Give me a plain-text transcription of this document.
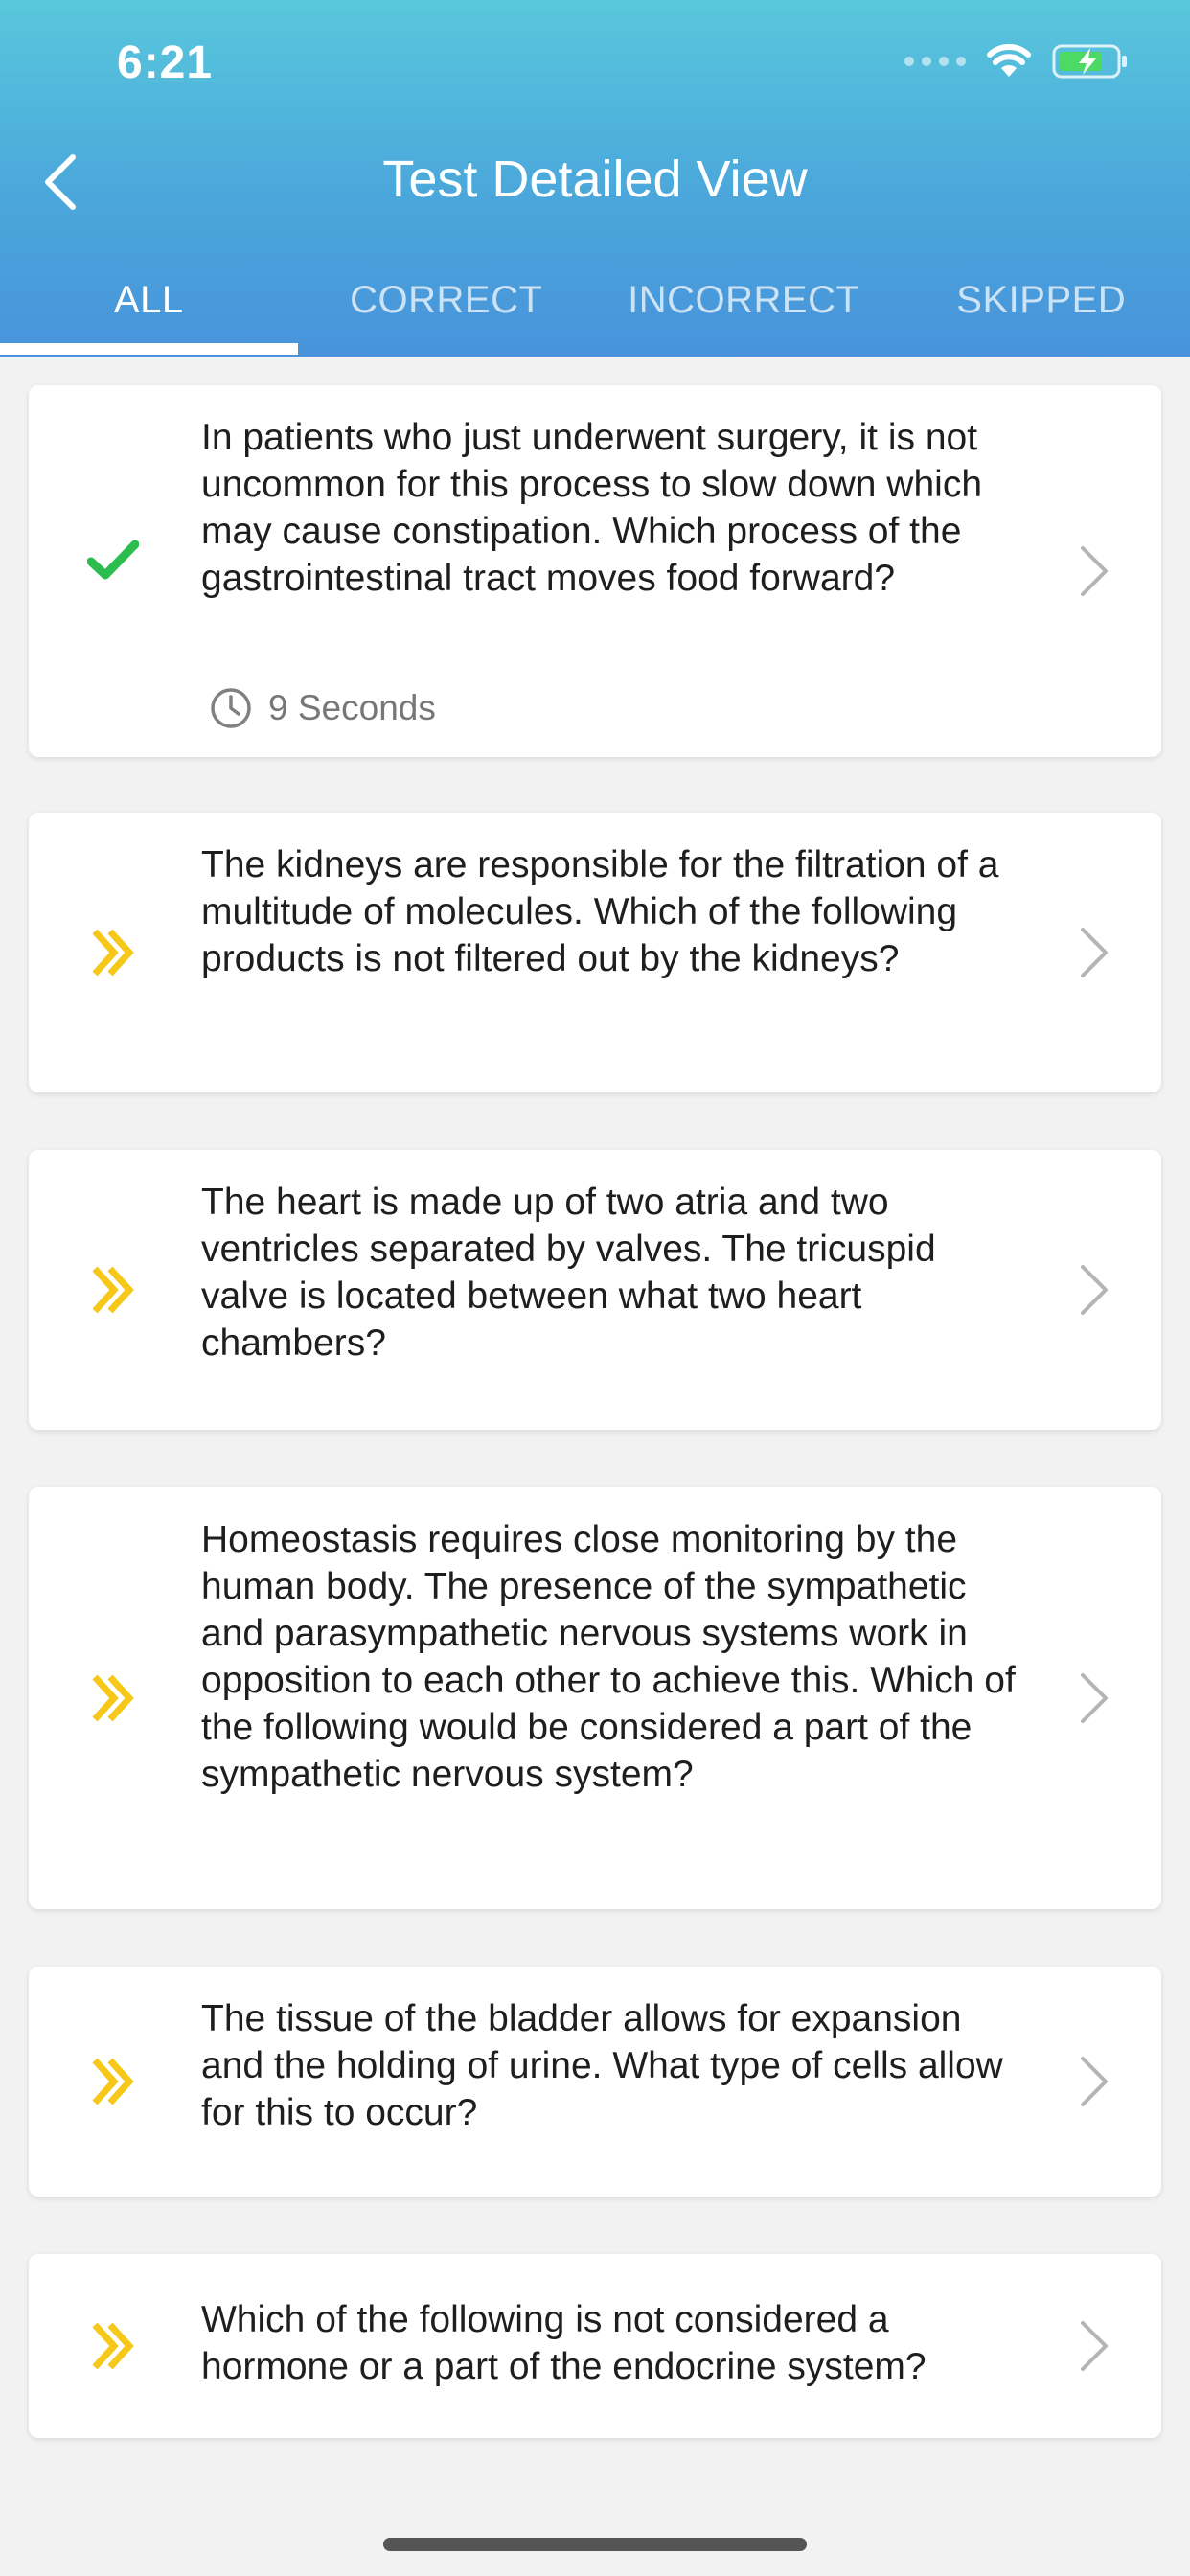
6:21
Test Detailed View
ALL	CORRECT	INCORRECT	SKIPPED
In patients who just underwent surgery, it is not uncommon for this process to slow down which may cause constipation. Which process of the gastrointestinal tract moves food forward?
9 Seconds
The kidneys are responsible for the filtration of a multitude of molecules. Which of the following products is not filtered out by the kidneys?
The heart is made up of two atria and two ventricles separated by valves. The tricuspid valve is located between what two heart chambers?
Homeostasis requires close monitoring by the human body. The presence of the sympathetic and parasympathetic nervous systems work in opposition to each other to achieve this. Which of the following would be considered a part of the sympathetic nervous system?
The tissue of the bladder allows for expansion and the holding of urine. What type of cells allow for this to occur?
Which of the following is not considered a hormone or a part of the endocrine system?
